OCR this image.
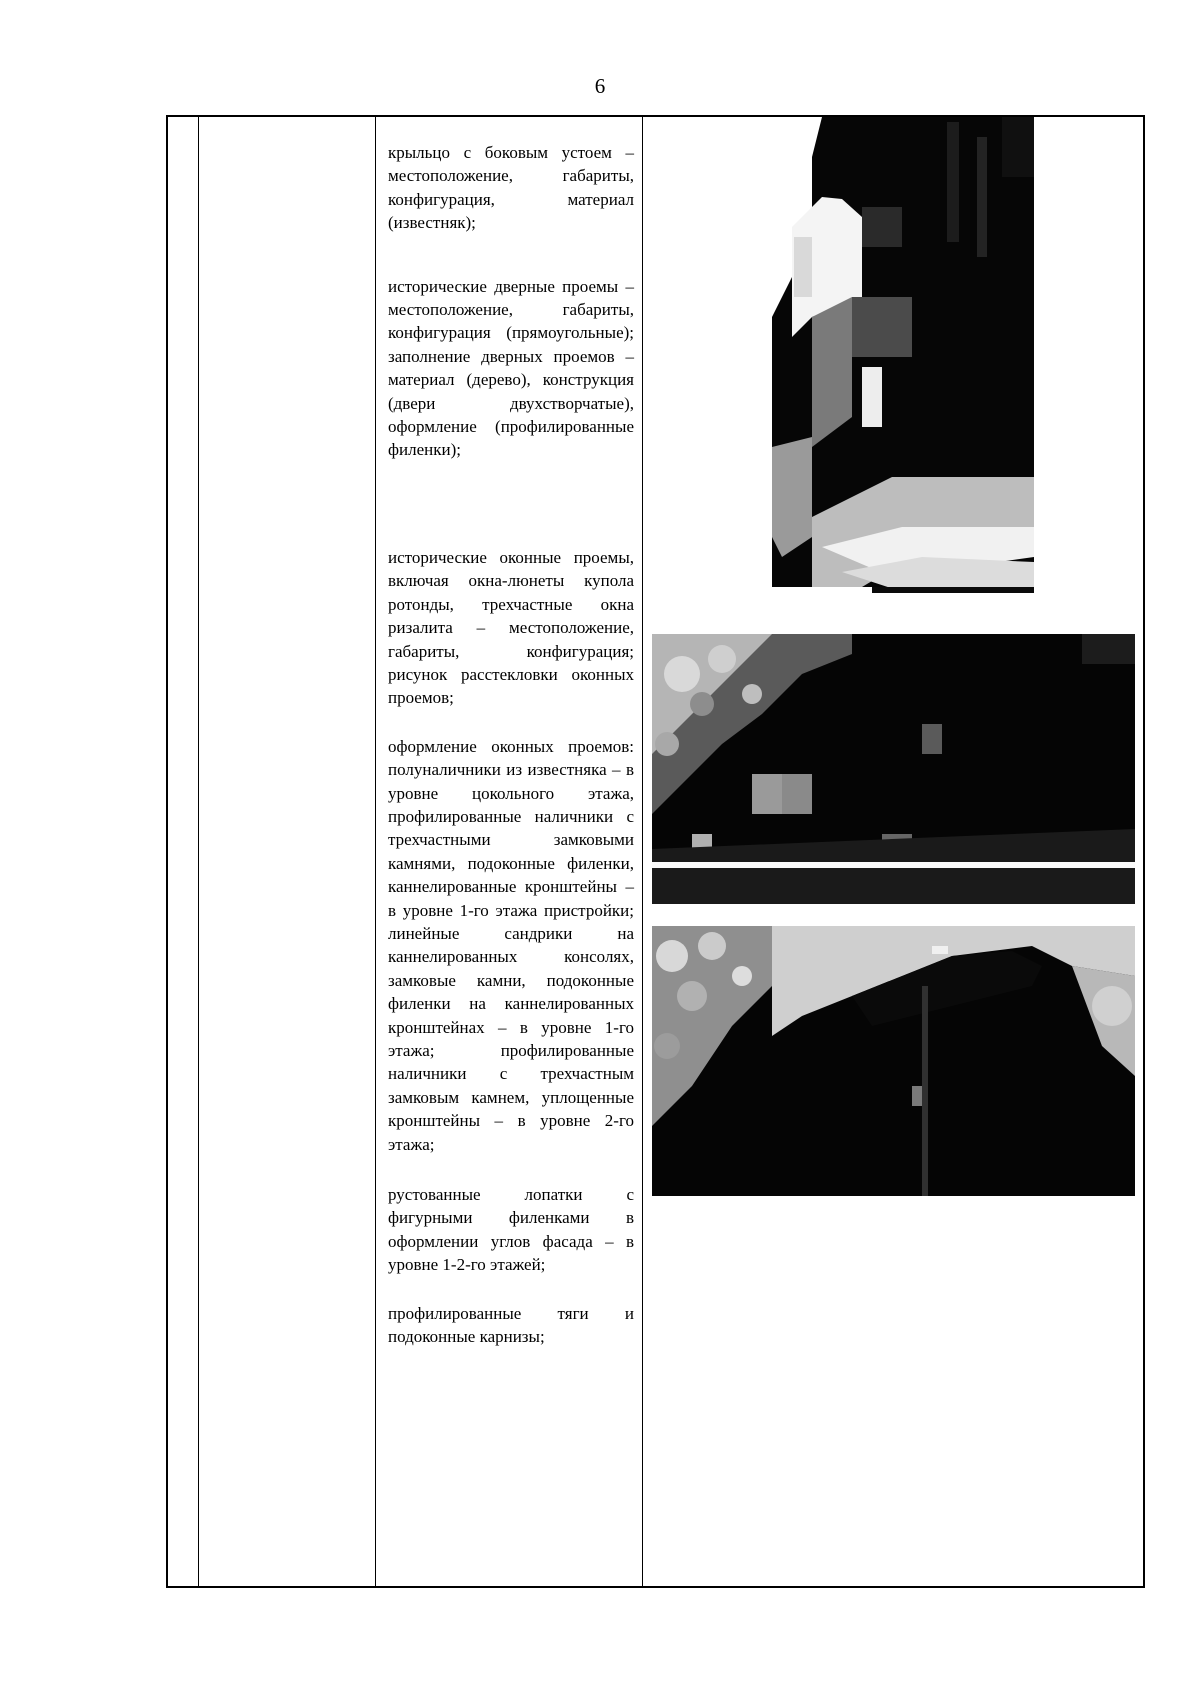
6

крыльцо с боковым устоем – местоположение, габариты, конфигурация, материал (известняк);

исторические дверные проемы – местоположение, габариты, конфигурация (прямоугольные); заполнение дверных проемов – материал (дерево), конструкция (двери двухстворчатые), оформление (профилированные филенки);

исторические оконные проемы, включая окна-люнеты купола ротонды, трехчастные окна ризалита – местоположение, габариты, конфигурация; рисунок расстекловки оконных проемов;

оформление оконных проемов: полуналичники из известняка – в уровне цокольного этажа, профилированные наличники с трехчастными замковыми камнями, подоконные филенки, каннелированные кронштейны – в уровне 1-го этажа пристройки; линейные сандрики на каннелированных консолях, замковые камни, подоконные филенки на каннелированных кронштейнах – в уровне 1-го этажа; профилированные наличники с трехчастным замковым камнем, уплощенные кронштейны – в уровне 2-го этажа;

рустованные лопатки с фигурными филенками в оформлении углов фасада – в уровне 1-2-го этажей;

профилированные тяги и подоконные карнизы;
